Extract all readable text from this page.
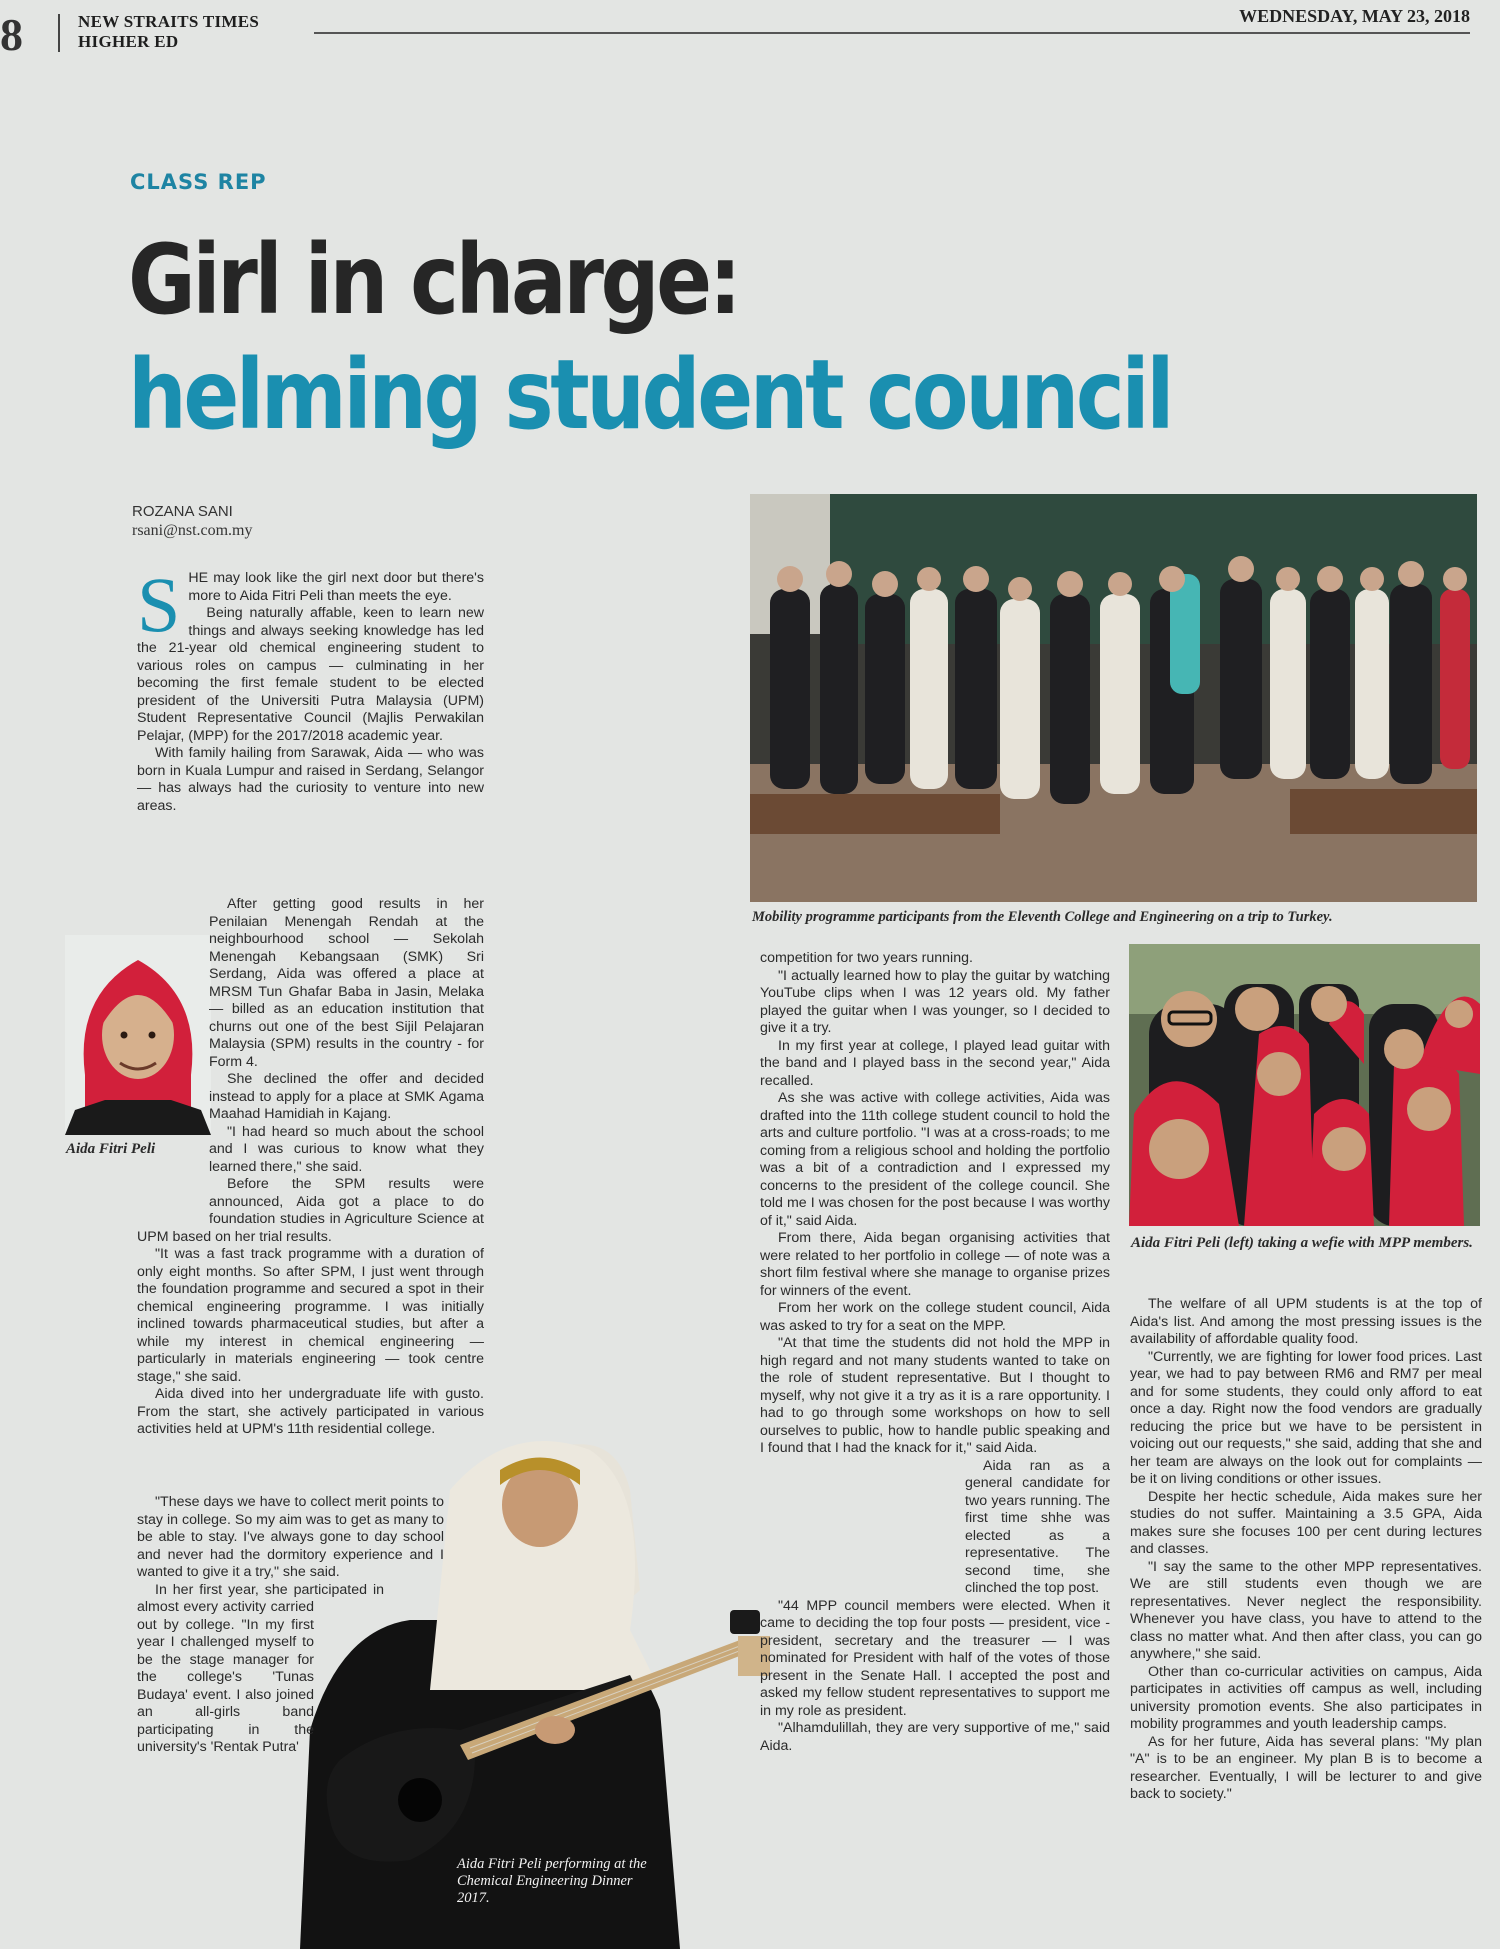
8	NEW STRAITS TIMES
HIGHER ED
WEDNESDAY, MAY 23, 2018
CLASS REP
Girl in charge:
helming student council
ROZANA SANI
rsani@nst.com.my
Mobility programme participants from the Eleventh College and Engineering on a trip to Turkey.
Aida Fitri Peli
Aida Fitri Peli (left) taking a wefie with MPP members.
Aida Fitri Peli performing at the Chemical Engineering Dinner 2017.
S HE may look like the girl next door but there's more to Aida Fitri Peli than meets the eye.

Being naturally affable, keen to learn new things and always seeking knowledge has led the 21-year old chemical engineering student to various roles on campus — culminating in her becoming the first female student to be elected president of the Universiti Putra Malaysia (UPM) Student Representative Council (Majlis Perwakilan Pelajar, (MPP) for the 2017/2018 academic year.

With family hailing from Sarawak, Aida — who was born in Kuala Lumpur and raised in Serdang, Selangor — has always had the curiosity to venture into new areas.

After getting good results in her Penilaian Menengah Rendah at the neighbourhood school — Sekolah Menengah Kebangsaan (SMK) Sri Serdang, Aida was offered a place at MRSM Tun Ghafar Baba in Jasin, Melaka — billed as an education institution that churns out one of the best Sijil Pelajaran Malaysia (SPM) results in the country - for Form 4.

She declined the offer and decided instead to apply for a place at SMK Agama Maahad Hamidiah in Kajang.

"I had heard so much about the school and I was curious to know what they learned there," she said.

Before the SPM results were announced, Aida got a place to do foundation studies in Agriculture Science at UPM based on her trial results.

"It was a fast track programme with a duration of only eight months. So after SPM, I just went through the foundation programme and secured a spot in their chemical engineering programme. I was initially inclined towards pharmaceutical studies, but after a while my interest in chemical engineering — particularly in materials engineering — took centre stage," she said.

Aida dived into her undergraduate life with gusto. From the start, she actively participated in various activities held at UPM's 11th residential college.

"These days we have to collect merit points to stay in college. So my aim was to get as many to be able to stay. I've always gone to day school and never had the dormitory experience and I wanted to give it a try," she said.

In her first year, she participated in almost every activity carried out by college. "In my first year I challenged myself to be the stage manager for the college's 'Tunas Budaya' event. I also joined an all-girls band participating in the university's 'Rentak Putra'

competition for two years running.

"I actually learned how to play the guitar by watching YouTube clips when I was 12 years old. My father played the guitar when I was younger, so I decided to give it a try.

In my first year at college, I played lead guitar with the band and I played bass in the second year," Aida recalled.

As she was active with college activities, Aida was drafted into the 11th college student council to hold the arts and culture portfolio. "I was at a cross-roads; to me coming from a religious school and holding the portfolio was a bit of a contradiction and I expressed my concerns to the president of the college council. She told me I was chosen for the post because I was worthy of it," said Aida.

From there, Aida began organising activities that were related to her portfolio in college — of note was a short film festival where she manage to organise prizes for winners of the event.

From her work on the college student council, Aida was asked to try for a seat on the MPP.

"At that time the students did not hold the MPP in high regard and not many students wanted to take on the role of student representative. But I thought to myself, why not give it a try as it is a rare opportunity. I had to go through some workshops on how to sell ourselves to public, how to handle public speaking and I found that I had the knack for it," said Aida.

Aida ran as a general candidate for two years running. The first time shhe was elected as a representative. The second time, she clinched the top post.

"44 MPP council members were elected. When it came to deciding the top four posts — president, vice -president, secretary and the treasurer — I was nominated for President with half of the votes of those present in the Senate Hall. I accepted the post and asked my fellow student representatives to support me in my role as president.

"Alhamdulillah, they are very supportive of me," said Aida.

The welfare of all UPM students is at the top of Aida's list. And among the most pressing issues is the availability of affordable quality food.

"Currently, we are fighting for lower food prices. Last year, we had to pay between RM6 and RM7 per meal and for some students, they could only afford to eat once a day. Right now the food vendors are gradually reducing the price but we have to be persistent in voicing out our requests," she said, adding that she and her team are always on the look out for complaints — be it on living conditions or other issues.

Despite her hectic schedule, Aida makes sure her studies do not suffer. Maintaining a 3.5 GPA, Aida makes sure she focuses 100 per cent during lectures and classes.

"I say the same to the other MPP representatives. We are still students even though we are representatives. Never neglect the responsibility. Whenever you have class, you have to attend to the class no matter what. And then after class, you can go anywhere," she said.

Other than co-curricular activities on campus, Aida participates in activities off campus as well, including university promotion events. She also participates in mobility programmes and youth leadership camps.

As for her future, Aida has several plans: "My plan "A" is to be an engineer. My plan B is to become a researcher. Eventually, I will be lecturer to and give back to society."
